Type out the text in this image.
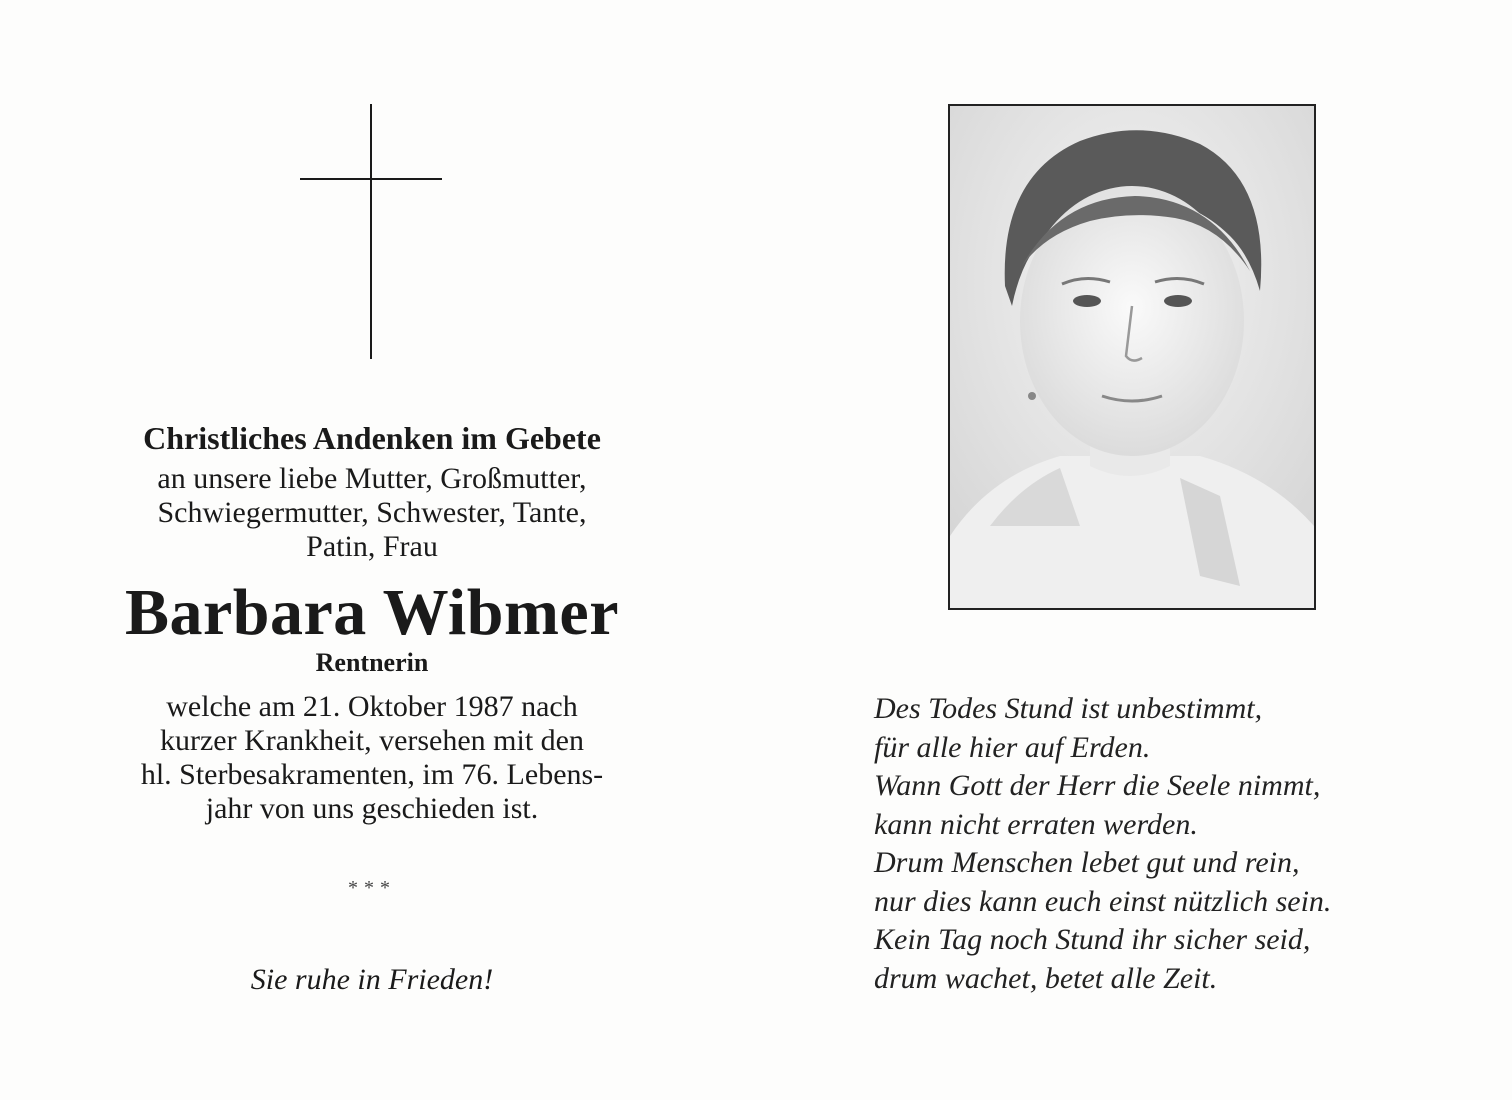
Christliches Andenken im Gebete
an unsere liebe Mutter, Großmutter,
Schwiegermutter, Schwester, Tante,
Patin, Frau
Barbara Wibmer
Rentnerin
welche am 21. Oktober 1987 nach
kurzer Krankheit, versehen mit den
hl. Sterbesakramenten, im 76. Lebens-
jahr von uns geschieden ist.
***
Sie ruhe in Frieden!
Des Todes Stund ist unbestimmt,
für alle hier auf Erden.
Wann Gott der Herr die Seele nimmt,
kann nicht erraten werden.
Drum Menschen lebet gut und rein,
nur dies kann euch einst nützlich sein.
Kein Tag noch Stund ihr sicher seid,
drum wachet, betet alle Zeit.
